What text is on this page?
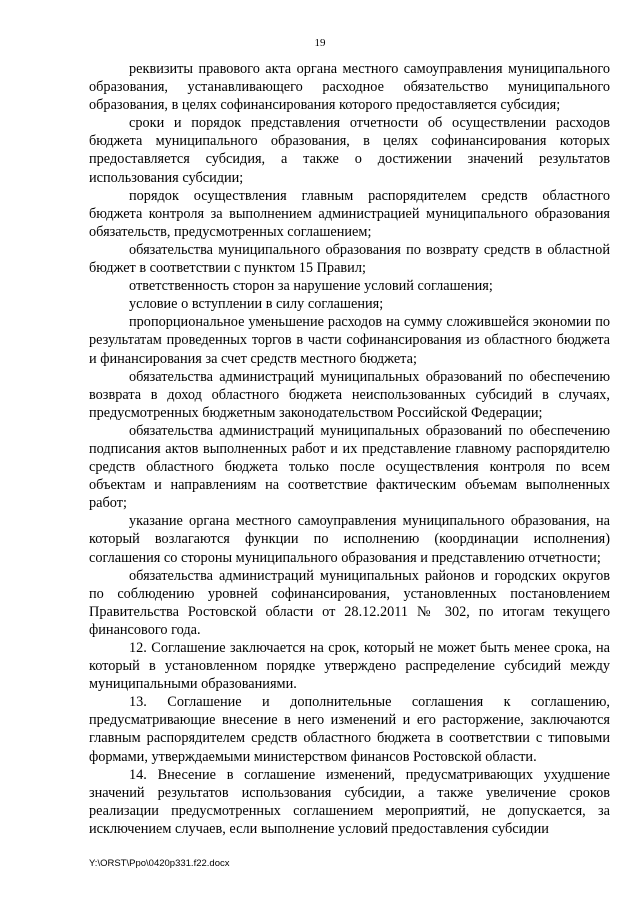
19

реквизиты правового акта органа местного самоуправления муниципального образования, устанавливающего расходное обязательство муниципального образования, в целях софинансирования которого предоставляется субсидия;

сроки и порядок представления отчетности об осуществлении расходов бюджета муниципального образования, в целях софинансирования которых предоставляется субсидия, а также о достижении значений результатов использования субсидии;

порядок осуществления главным распорядителем средств областного бюджета контроля за выполнением администрацией муниципального образования обязательств, предусмотренных соглашением;

обязательства муниципального образования по возврату средств в областной бюджет в соответствии с пунктом 15 Правил;

ответственность сторон за нарушение условий соглашения;

условие о вступлении в силу соглашения;

пропорциональное уменьшение расходов на сумму сложившейся экономии по результатам проведенных торгов в части софинансирования из областного бюджета и финансирования за счет средств местного бюджета;

обязательства администраций муниципальных образований по обеспечению возврата в доход областного бюджета неиспользованных субсидий в случаях, предусмотренных бюджетным законодательством Российской Федерации;

обязательства администраций муниципальных образований по обеспечению подписания актов выполненных работ и их представление главному распорядителю средств областного бюджета только после осуществления контроля по всем объектам и направлениям на соответствие фактическим объемам выполненных работ;

указание органа местного самоуправления муниципального образования, на который возлагаются функции по исполнению (координации исполнения) соглашения со стороны муниципального образования и представлению отчетности;

обязательства администраций муниципальных районов и городских округов по соблюдению уровней софинансирования, установленных постановлением Правительства Ростовской области от 28.12.2011 № 302, по итогам текущего финансового года.

12. Соглашение заключается на срок, который не может быть менее срока, на который в установленном порядке утверждено распределение субсидий между муниципальными образованиями.

13. Соглашение и дополнительные соглашения к соглашению, предусматривающие внесение в него изменений и его расторжение, заключаются главным распорядителем средств областного бюджета в соответствии с типовыми формами, утверждаемыми министерством финансов Ростовской области.

14. Внесение в соглашение изменений, предусматривающих ухудшение значений результатов использования субсидии, а также увеличение сроков реализации предусмотренных соглашением мероприятий, не допускается, за исключением случаев, если выполнение условий предоставления субсидии

Y:\ORST\Ppo\0420p331.f22.docx
